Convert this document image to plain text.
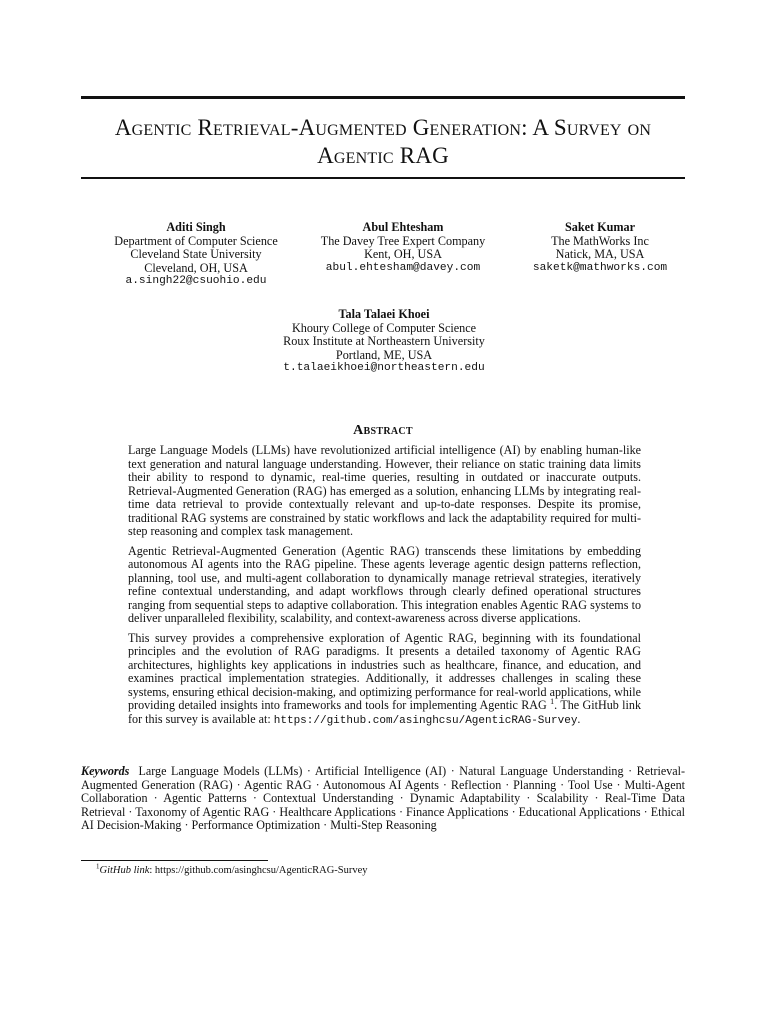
Agentic Retrieval-Augmented Generation: A Survey on
Agentic RAG
Aditi Singh
Department of Computer Science
Cleveland State University
Cleveland, OH, USA
a.singh22@csuohio.edu
Abul Ehtesham
The Davey Tree Expert Company
Kent, OH, USA
abul.ehtesham@davey.com
Saket Kumar
The MathWorks Inc
Natick, MA, USA
saketk@mathworks.com
Tala Talaei Khoei
Khoury College of Computer Science
Roux Institute at Northeastern University
Portland, ME, USA
t.talaeikhoei@northeastern.edu
Abstract

Large Language Models (LLMs) have revolutionized artificial intelligence (AI) by enabling human-like text generation and natural language understanding. However, their reliance on static training data limits their ability to respond to dynamic, real-time queries, resulting in outdated or inaccurate outputs. Retrieval-Augmented Generation (RAG) has emerged as a solution, enhancing LLMs by integrating real-time data retrieval to provide contextually relevant and up-to-date responses. Despite its promise, traditional RAG systems are constrained by static workflows and lack the adaptability required for multi-step reasoning and complex task management.

Agentic Retrieval-Augmented Generation (Agentic RAG) transcends these limitations by embedding autonomous AI agents into the RAG pipeline. These agents leverage agentic design patterns reflection, planning, tool use, and multi-agent collaboration to dynamically manage retrieval strategies, iteratively refine contextual understanding, and adapt workflows through clearly defined operational structures ranging from sequential steps to adaptive collaboration. This integration enables Agentic RAG systems to deliver unparalleled flexibility, scalability, and context-awareness across diverse applications.

This survey provides a comprehensive exploration of Agentic RAG, beginning with its foundational principles and the evolution of RAG paradigms. It presents a detailed taxonomy of Agentic RAG architectures, highlights key applications in industries such as healthcare, finance, and education, and examines practical implementation strategies. Additionally, it addresses challenges in scaling these systems, ensuring ethical decision-making, and optimizing performance for real-world applications, while providing detailed insights into frameworks and tools for implementing Agentic RAG $^1$. The GitHub link for this survey is available at: https://github.com/asinghcsu/AgenticRAG-Survey.

Keywords Large Language Models (LLMs) · Artificial Intelligence (AI) · Natural Language Understanding · Retrieval-Augmented Generation (RAG) · Agentic RAG · Autonomous AI Agents · Reflection · Planning · Tool Use · Multi-Agent Collaboration · Agentic Patterns · Contextual Understanding · Dynamic Adaptability · Scalability · Real-Time Data Retrieval · Taxonomy of Agentic RAG · Healthcare Applications · Finance Applications · Educational Applications · Ethical AI Decision-Making · Performance Optimization · Multi-Step Reasoning
$^1$GitHub link: https://github.com/asinghcsu/AgenticRAG-Survey
